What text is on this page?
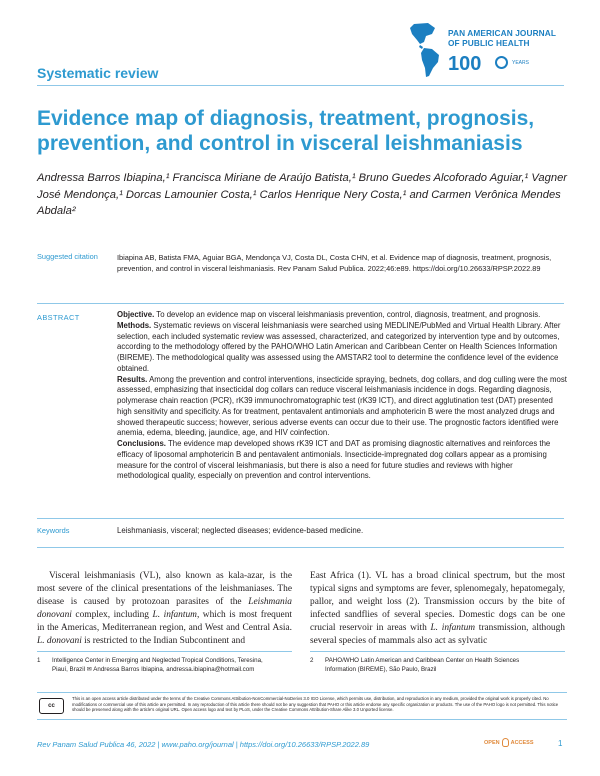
PAN AMERICAN JOURNAL
OF PUBLIC HEALTH
100	YEARS
Systematic review
Evidence map of diagnosis, treatment, prognosis, prevention, and control in visceral leishmaniasis
Andressa Barros Ibiapina,¹ Francisca Miriane de Araújo Batista,¹ Bruno Guedes Alcoforado Aguiar,¹ Vagner José Mendonça,¹ Dorcas Lamounier Costa,¹ Carlos Henrique Nery Costa,¹ and Carmen Verônica Mendes Abdala²
Suggested citation	Ibiapina AB, Batista FMA, Aguiar BGA, Mendonça VJ, Costa DL, Costa CHN, et al. Evidence map of diagnosis, treatment, prognosis, prevention, and control in visceral leishmaniasis. Rev Panam Salud Publica. 2022;46:e89. https://doi.org/10.26633/RPSP.2022.89
ABSTRACT	Objective. To develop an evidence map on visceral leishmaniasis prevention, control, diagnosis, treatment, and prognosis.

Methods. Systematic reviews on visceral leishmaniasis were searched using MEDLINE/PubMed and Virtual Health Library. After selection, each included systematic review was assessed, characterized, and categorized by intervention type and by outcomes, according to the methodology offered by the PAHO/WHO Latin American and Caribbean Center on Health Sciences Information (BIREME). The methodological quality was assessed using the AMSTAR2 tool to determine the confidence level of the evidence obtained.

Results. Among the prevention and control interventions, insecticide spraying, bednets, dog collars, and dog culling were the most assessed, emphasizing that insecticidal dog collars can reduce visceral leishmaniasis incidence in dogs. Regarding diagnosis, polymerase chain reaction (PCR), rK39 immunochromatographic test (rK39 ICT), and direct agglutination test (DAT) presented high sensitivity and specificity. As for treatment, pentavalent antimonials and amphotericin B were the most analyzed drugs and showed therapeutic success; however, serious adverse events can occur due to their use. The prognostic factors identified were anemia, edema, bleeding, jaundice, age, and HIV coinfection.

Conclusions. The evidence map developed shows rK39 ICT and DAT as promising diagnostic alternatives and reinforces the efficacy of liposomal amphotericin B and pentavalent antimonials. Insecticide-impregnated dog collars appear as a promising measure for the control of visceral leishmaniasis, but there is also a need for future studies and reviews with higher methodological quality, especially on prevention and control interventions.

Keywords	Leishmaniasis, visceral; neglected diseases; evidence-based medicine.
Visceral leishmaniasis (VL), also known as kala-azar, is the most severe of the clinical presentations of the leishmaniases. The disease is caused by protozoan parasites of the Leishmania donovani complex, including L. infantum, which is most frequent in the Americas, Mediterranean region, and West and Central Asia. L. donovani is restricted to the Indian Subcontinent and
East Africa (1). VL has a broad clinical spectrum, but the most typical signs and symptoms are fever, splenomegaly, hepatomegaly, pallor, and weight loss (2). Transmission occurs by the bite of infected sandflies of several species. Domestic dogs can be one crucial reservoir in areas with L. infantum transmission, although several species of mammals also act as sylvatic
1 Intelligence Center in Emerging and Neglected Tropical Conditions, Teresina, Piauí, Brazil ✉ Andressa Barros Ibiapina, andressa.ibiapina@hotmail.com
2 PAHO/WHO Latin American and Caribbean Center on Health Sciences Information (BIREME), São Paulo, Brazil
cc
This is an open access article distributed under the terms of the Creative Commons Attribution-NonCommercial-NoDerivs 3.0 IGO License, which permits use, distribution, and reproduction in any medium, provided the original work is properly cited. No modifications or commercial use of this article are permitted. In any reproduction of this article there should not be any suggestion that PAHO or this article endorse any specific organization or products. The use of the PAHO logo is not permitted. This notice should be preserved along with the article's original URL. Open access logo and text by PLoS, under the Creative Commons Attribution-Share Alike 3.0 Unported license.
Rev Panam Salud Publica 46, 2022 | www.paho.org/journal | https://doi.org/10.26633/RPSP.2022.89	OPEN ACCESS	1
